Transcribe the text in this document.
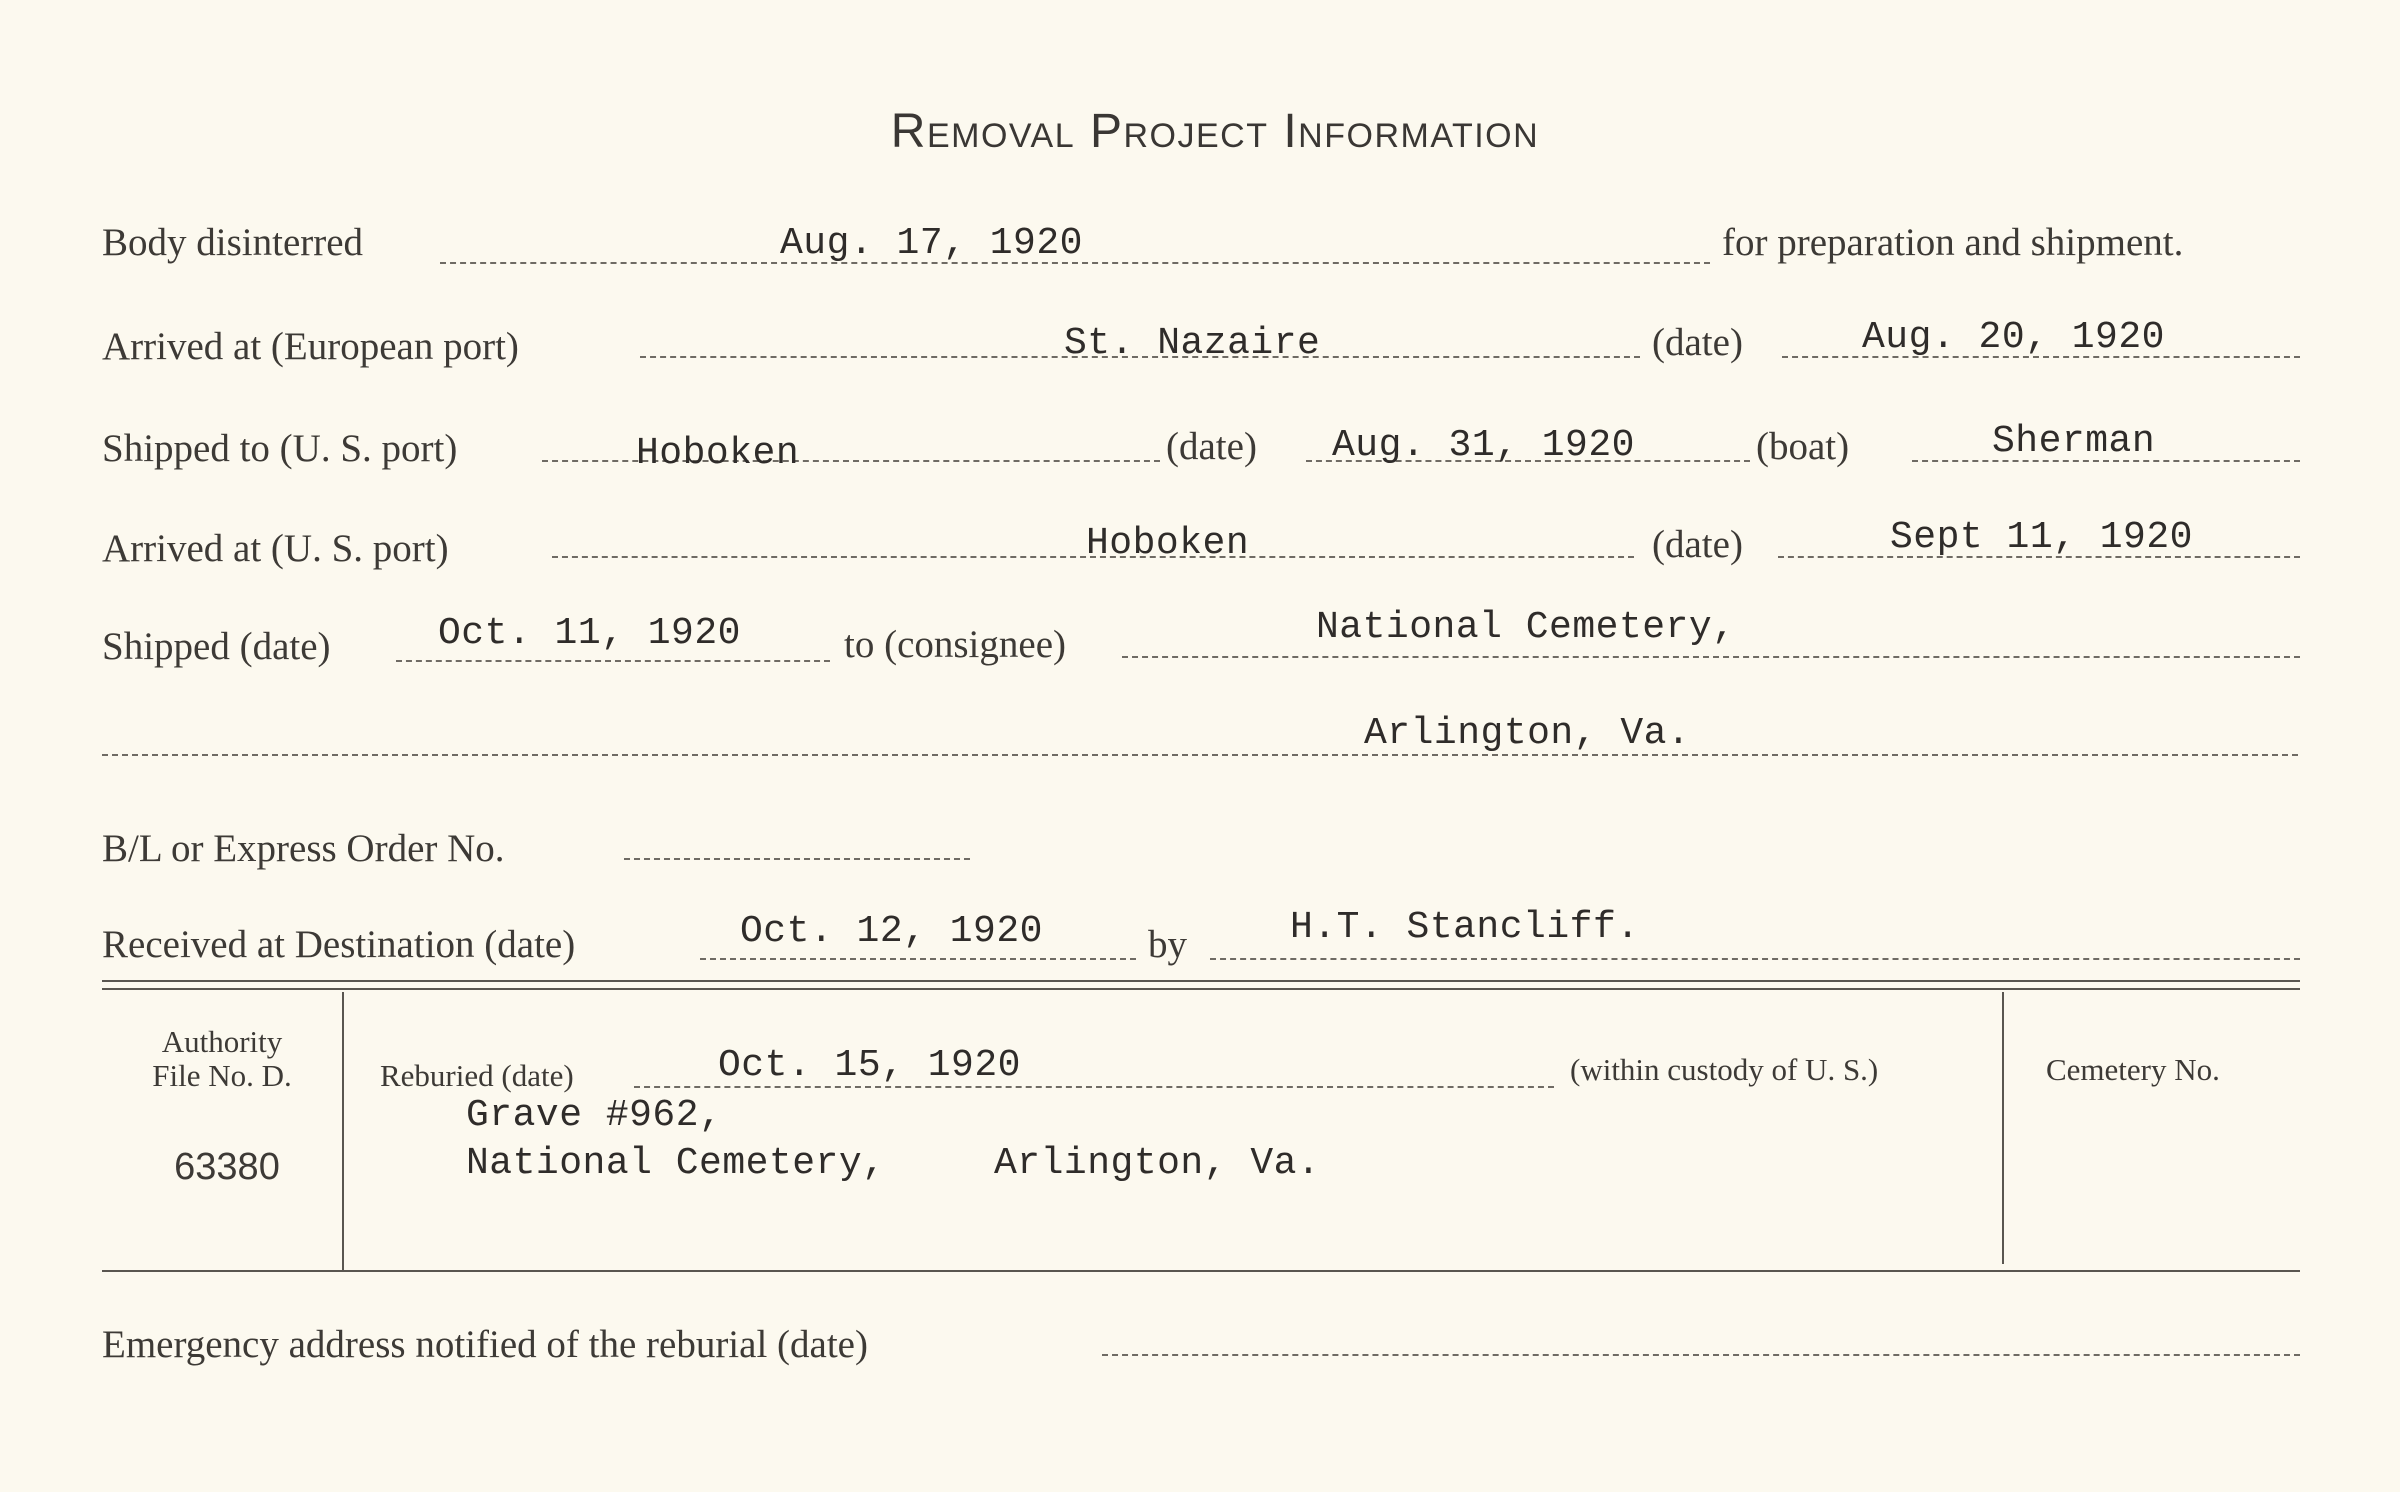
Removal Project Information
Body disinterred	Aug. 17, 1920	for preparation and shipment.
Arrived at (European port)	St. Nazaire	(date)	Aug. 20, 1920
Shipped to (U. S. port)	Hoboken	(date) Aug. 31, 1920	(boat)	Sherman
Arrived at (U. S. port)	Hoboken	(date)	Sept 11, 1920
Shipped (date)	Oct. 11, 1920	to (consignee)	National Cemetery,
Arlington, Va.
B/L or Express Order No.
Received at Destination (date)	Oct. 12, 1920	by	H.T. Stancliff.
Authority
File No. D.
63380
Reburied (date)	Oct. 15, 1920	(within custody of U. S.)
Grave #962,
National Cemetery,	Arlington, Va.
Cemetery No.
Emergency address notified of the reburial (date)
